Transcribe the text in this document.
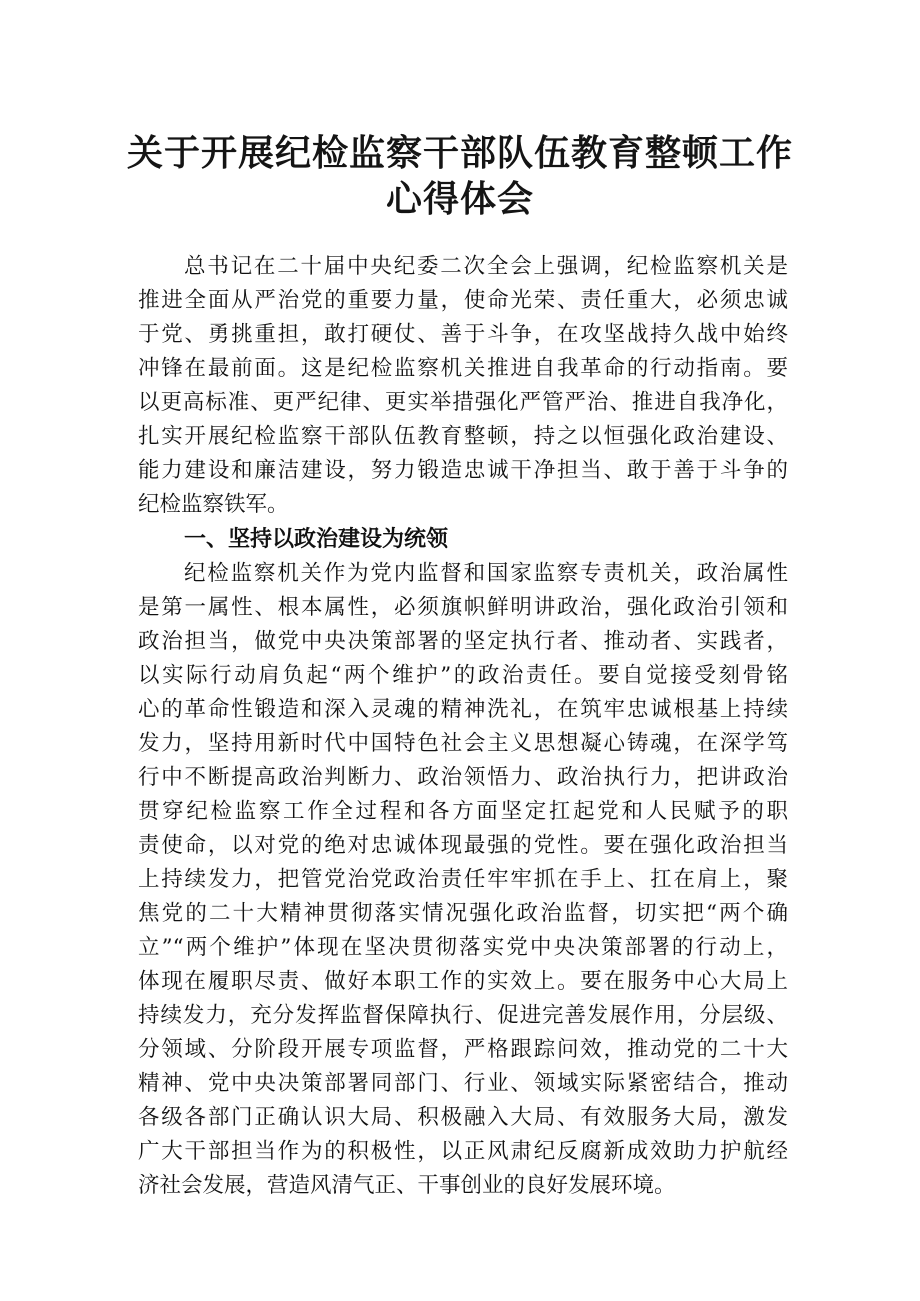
关于开展纪检监察干部队伍教育整顿工作
心得体会
总书记在二十届中央纪委二次全会上强调，纪检监察机关是
推进全面从严治党的重要力量，使命光荣、责任重大，必须忠诚
于党、勇挑重担，敢打硬仗、善于斗争，在攻坚战持久战中始终
冲锋在最前面。这是纪检监察机关推进自我革命的行动指南。要
以更高标准、更严纪律、更实举措强化严管严治、推进自我净化，
扎实开展纪检监察干部队伍教育整顿，持之以恒强化政治建设、
能力建设和廉洁建设，努力锻造忠诚干净担当、敢于善于斗争的
纪检监察铁军。
一、坚持以政治建设为统领
纪检监察机关作为党内监督和国家监察专责机关，政治属性
是第一属性、根本属性，必须旗帜鲜明讲政治，强化政治引领和
政治担当，做党中央决策部署的坚定执行者、推动者、实践者，
以实际行动肩负起“两个维护”的政治责任。要自觉接受刻骨铭
心的革命性锻造和深入灵魂的精神洗礼，在筑牢忠诚根基上持续
发力，坚持用新时代中国特色社会主义思想凝心铸魂，在深学笃
行中不断提高政治判断力、政治领悟力、政治执行力，把讲政治
贯穿纪检监察工作全过程和各方面坚定扛起党和人民赋予的职
责使命，以对党的绝对忠诚体现最强的党性。要在强化政治担当
上持续发力，把管党治党政治责任牢牢抓在手上、扛在肩上，聚
焦党的二十大精神贯彻落实情况强化政治监督，切实把“两个确
立”“两个维护”体现在坚决贯彻落实党中央决策部署的行动上，
体现在履职尽责、做好本职工作的实效上。要在服务中心大局上
持续发力，充分发挥监督保障执行、促进完善发展作用，分层级、
分领域、分阶段开展专项监督，严格跟踪问效，推动党的二十大
精神、党中央决策部署同部门、行业、领域实际紧密结合，推动
各级各部门正确认识大局、积极融入大局、有效服务大局，激发
广大干部担当作为的积极性，以正风肃纪反腐新成效助力护航经
济社会发展，营造风清气正、干事创业的良好发展环境。
